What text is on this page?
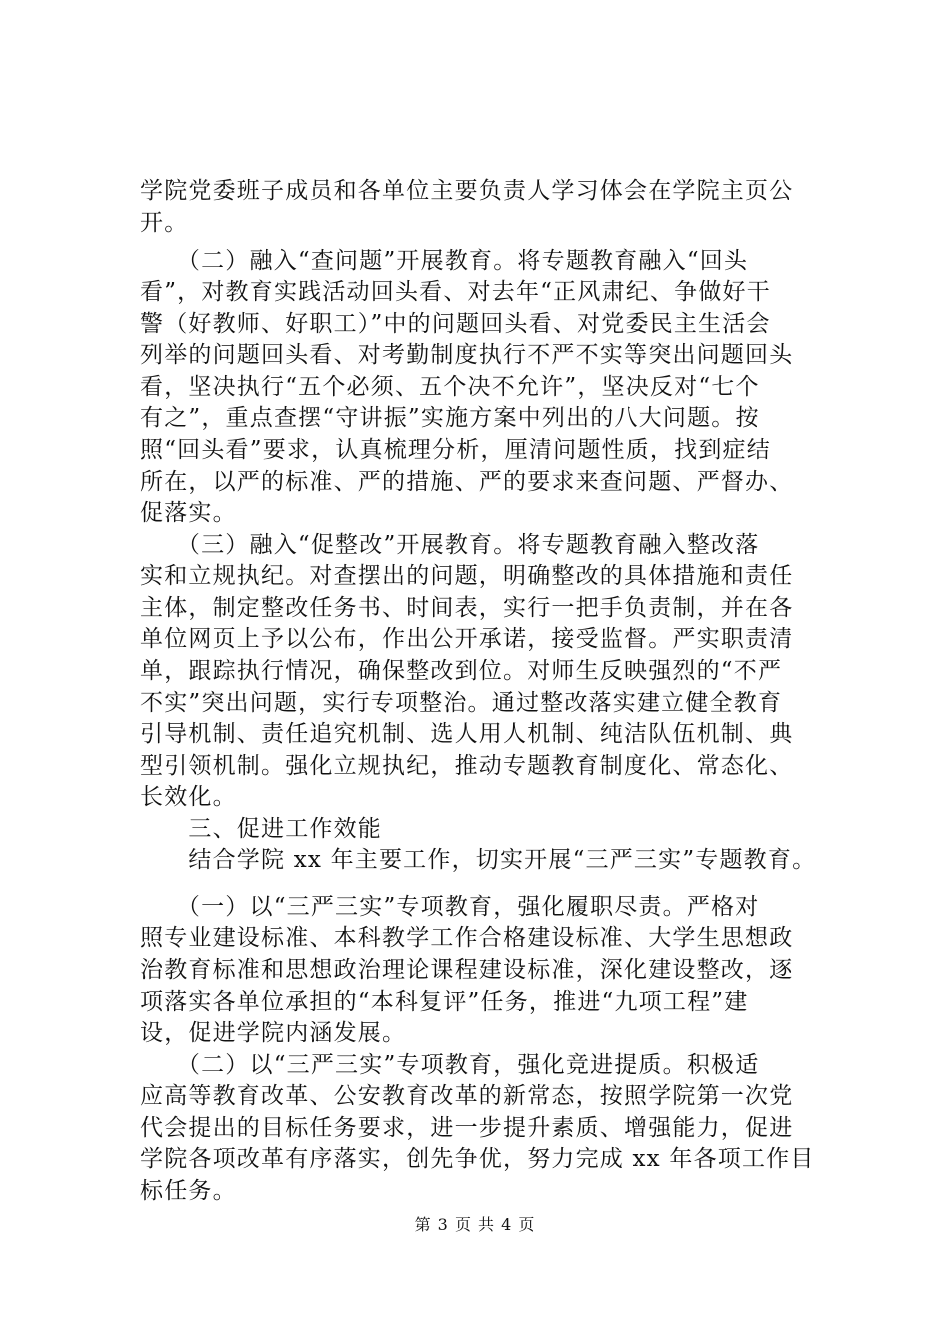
学院党委班子成员和各单位主要负责人学习体会在学院主页公
开。
　　（二）融入“查问题”开展教育。将专题教育融入“回头
看”，对教育实践活动回头看、对去年“正风肃纪、争做好干
警（好教师、好职工）”中的问题回头看、对党委民主生活会
列举的问题回头看、对考勤制度执行不严不实等突出问题回头
看，坚决执行“五个必须、五个决不允许”，坚决反对“七个
有之”，重点查摆“守讲振”实施方案中列出的八大问题。按
照“回头看”要求，认真梳理分析，厘清问题性质，找到症结
所在，以严的标准、严的措施、严的要求来查问题、严督办、
促落实。
　　（三）融入“促整改”开展教育。将专题教育融入整改落
实和立规执纪。对查摆出的问题，明确整改的具体措施和责任
主体，制定整改任务书、时间表，实行一把手负责制，并在各
单位网页上予以公布，作出公开承诺，接受监督。严实职责清
单，跟踪执行情况，确保整改到位。对师生反映强烈的“不严
不实”突出问题，实行专项整治。通过整改落实建立健全教育
引导机制、责任追究机制、选人用人机制、纯洁队伍机制、典
型引领机制。强化立规执纪，推动专题教育制度化、常态化、
长效化。
　　三、促进工作效能
　　结合学院 xx 年主要工作，切实开展“三严三实”专题教育。
　　（一）以“三严三实”专项教育，强化履职尽责。严格对
照专业建设标准、本科教学工作合格建设标准、大学生思想政
治教育标准和思想政治理论课程建设标准，深化建设整改，逐
项落实各单位承担的“本科复评”任务，推进“九项工程”建
设，促进学院内涵发展。
　　（二）以“三严三实”专项教育，强化竞进提质。积极适
应高等教育改革、公安教育改革的新常态，按照学院第一次党
代会提出的目标任务要求，进一步提升素质、增强能力，促进
学院各项改革有序落实，创先争优，努力完成 xx 年各项工作目
标任务。
第 3 页 共 4 页
